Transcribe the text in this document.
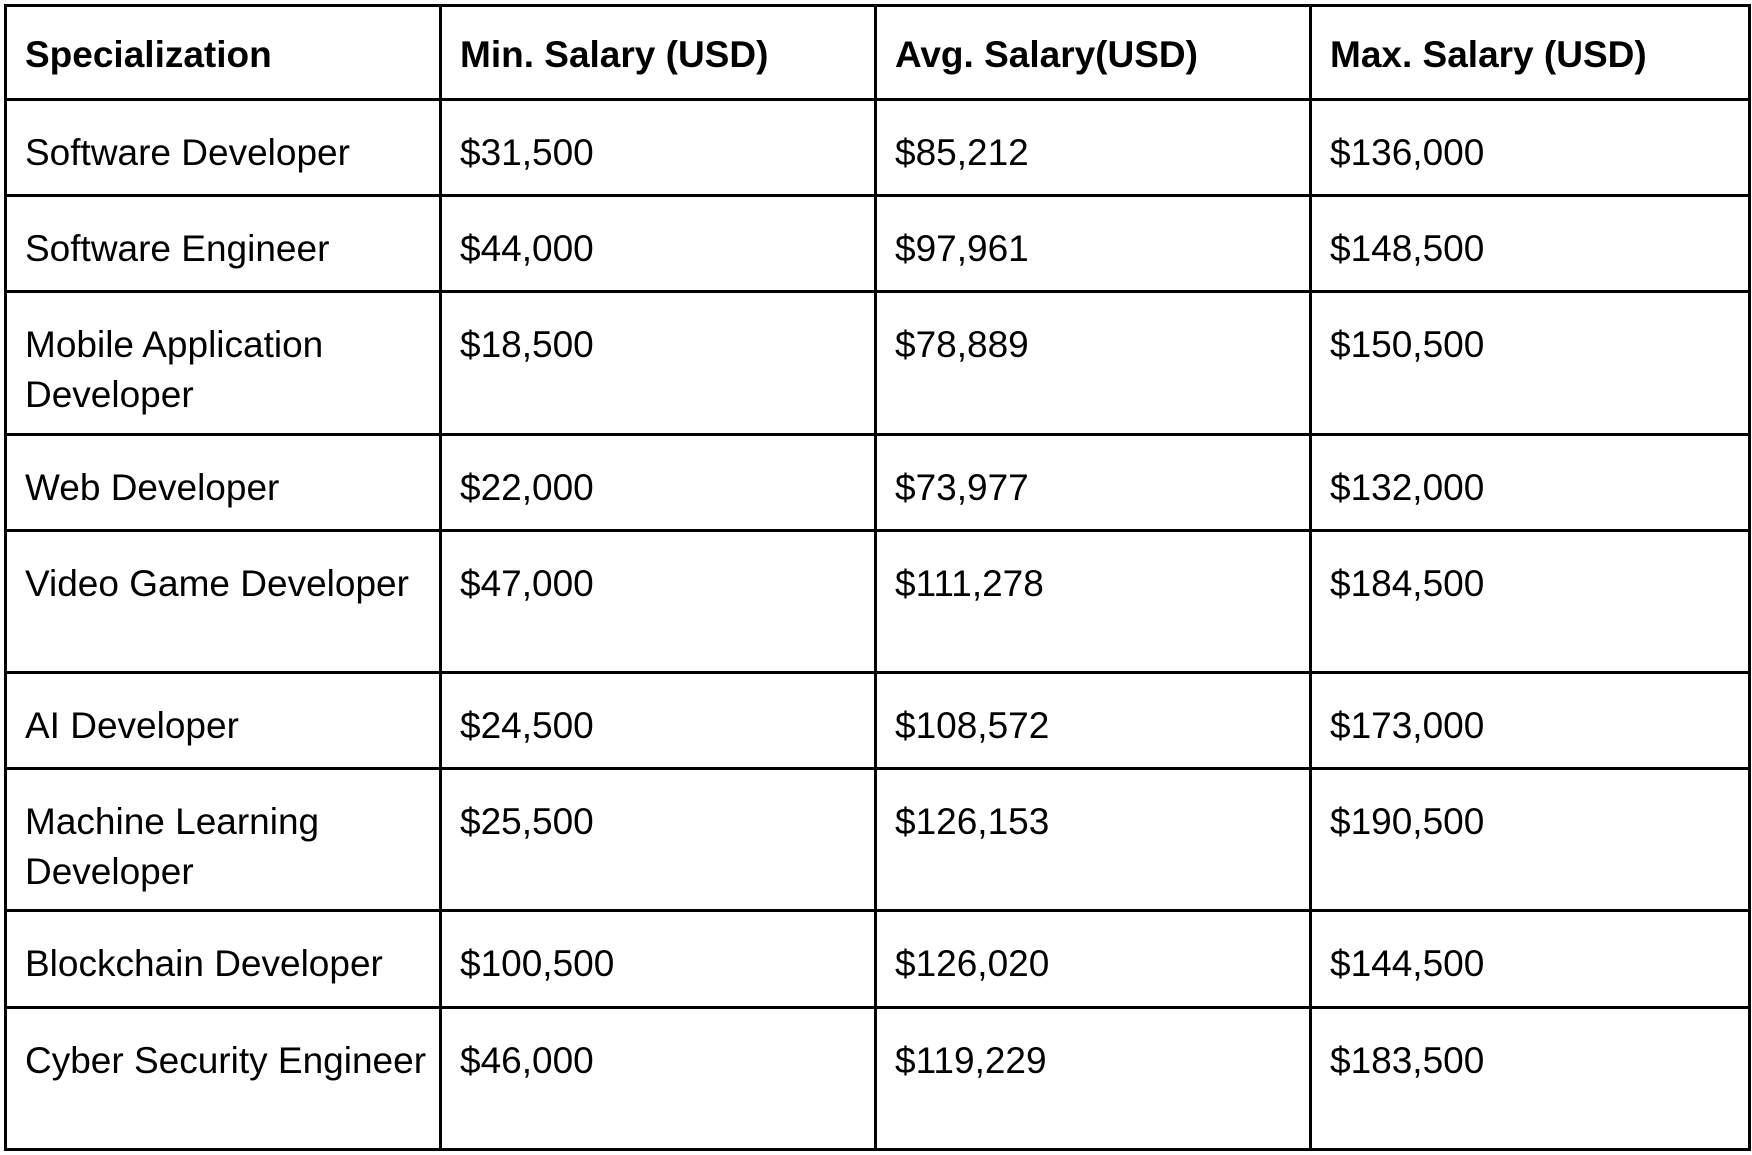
Specialization	Min. Salary (USD)	Avg. Salary(USD)	Max. Salary (USD)
Software Developer	$31,500	$85,212	$136,000
Software Engineer	$44,000	$97,961	$148,500
Mobile Application Developer	$18,500	$78,889	$150,500
Web Developer	$22,000	$73,977	$132,000
Video Game Developer	$47,000	$111,278	$184,500
AI Developer	$24,500	$108,572	$173,000
Machine Learning Developer	$25,500	$126,153	$190,500
Blockchain Developer	$100,500	$126,020	$144,500
Cyber Security Engineer	$46,000	$119,229	$183,500
